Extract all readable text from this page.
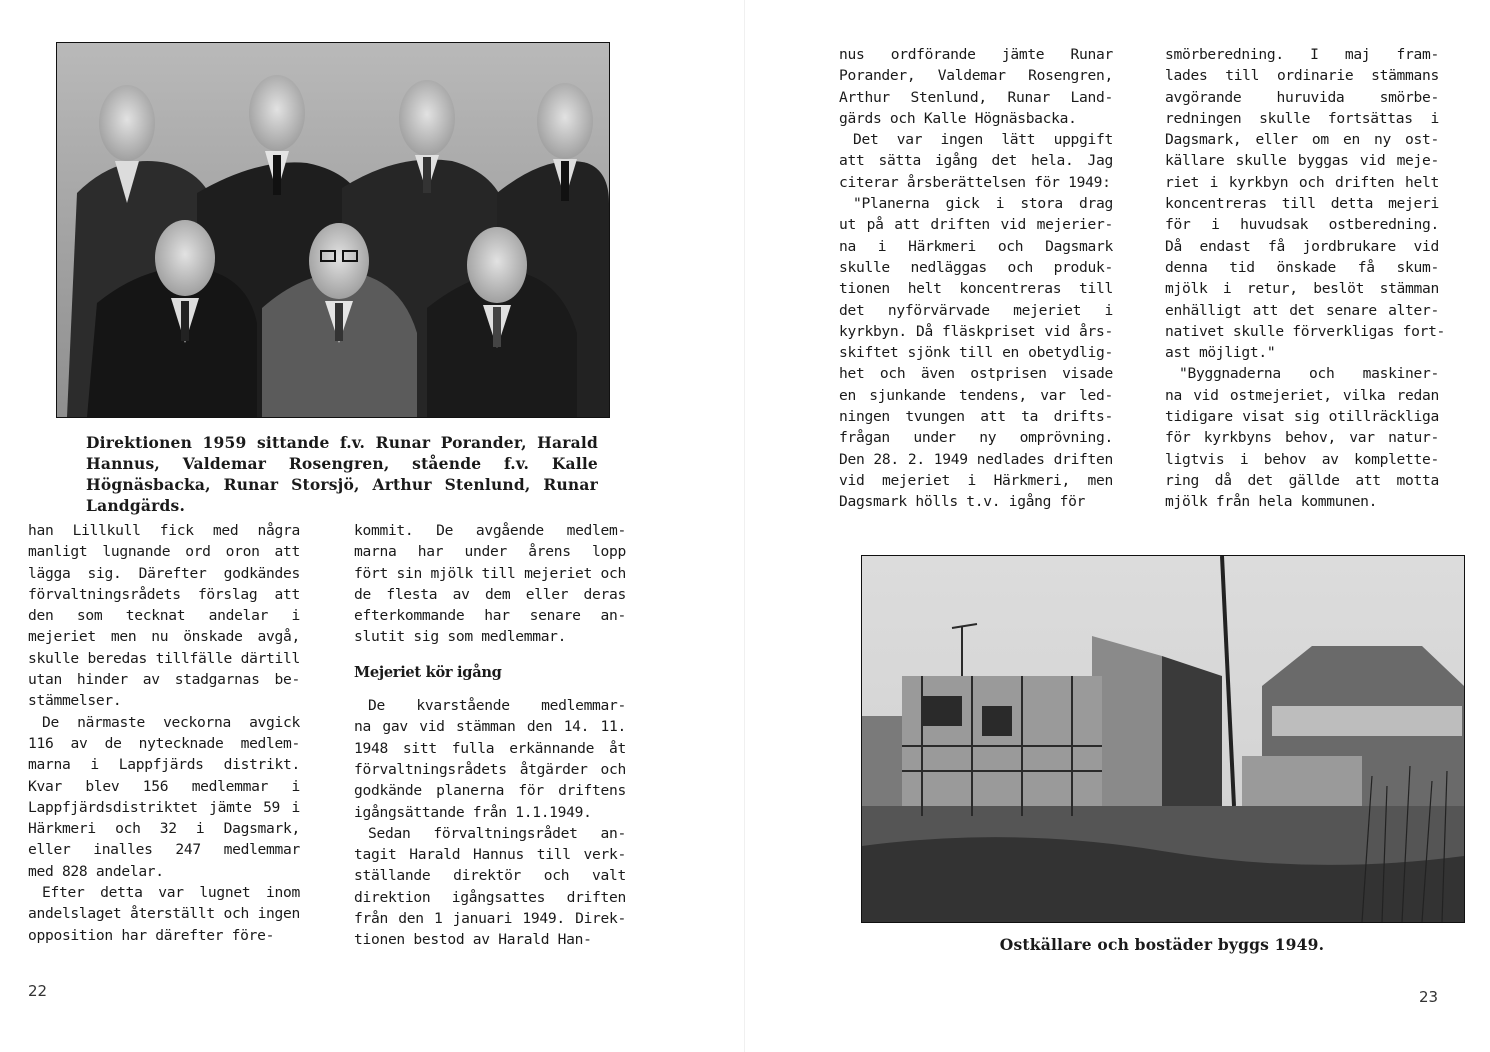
Direktionen 1959 sittande f.v. Runar Porander, Harald Hannus, Valdemar Rosengren, stående f.v. Kalle Högnäsbacka, Runar Storsjö, Arthur Stenlund, Runar Landgärds.

han Lillkull fick med några
manligt lugnande ord oron att
lägga sig. Därefter godkändes
förvaltningsrådets förslag att
den som tecknat andelar i
mejeriet men nu önskade avgå,
skulle beredas tillfälle därtill
utan hinder av stadgarnas be-
stämmelser.

De närmaste veckorna avgick
116 av de nytecknade medlem-
marna i Lappfjärds distrikt.
Kvar blev 156 medlemmar i
Lappfjärdsdistriktet jämte 59 i
Härkmeri och 32 i Dagsmark,
eller inalles 247 medlemmar
med 828 andelar.

Efter detta var lugnet inom
andelslaget återställt och ingen
opposition har därefter före-

kommit. De avgående medlem-
marna har under årens lopp
fört sin mjölk till mejeriet och
de flesta av dem eller deras
efterkommande har senare an-
slutit sig som medlemmar.

Mejeriet kör igång

De kvarstående medlemmar-
na gav vid stämman den 14. 11.
1948 sitt fulla erkännande åt
förvaltningsrådets åtgärder och
godkände planerna för driftens
igångsättande från 1.1.1949.

Sedan förvaltningsrådet an-
tagit Harald Hannus till verk-
ställande direktör och valt
direktion igångsattes driften
från den 1 januari 1949. Direk-
tionen bestod av Harald Han-

22

nus ordförande jämte Runar
Porander, Valdemar Rosengren,
Arthur Stenlund, Runar Land-
gärds och Kalle Högnäsbacka.

Det var ingen lätt uppgift
att sätta igång det hela. Jag
citerar årsberättelsen för 1949:

"Planerna gick i stora drag
ut på att driften vid mejerier-
na i Härkmeri och Dagsmark
skulle nedläggas och produk-
tionen helt koncentreras till
det nyförvärvade mejeriet i
kyrkbyn. Då fläskpriset vid års-
skiftet sjönk till en obetydlig-
het och även ostprisen visade
en sjunkande tendens, var led-
ningen tvungen att ta drifts-
frågan under ny omprövning.
Den 28. 2. 1949 nedlades driften
vid mejeriet i Härkmeri, men
Dagsmark hölls t.v. igång för

smörberedning. I maj fram-
lades till ordinarie stämmans
avgörande huruvida smörbe-
redningen skulle fortsättas i
Dagsmark, eller om en ny ost-
källare skulle byggas vid meje-
riet i kyrkbyn och driften helt
koncentreras till detta mejeri
för i huvudsak ostberedning.
Då endast få jordbrukare vid
denna tid önskade få skum-
mjölk i retur, beslöt stämman
enhälligt att det senare alter-
nativet skulle förverkligas fort-
ast möjligt."

"Byggnaderna och maskiner-
na vid ostmejeriet, vilka redan
tidigare visat sig otillräckliga
för kyrkbyns behov, var natur-
ligtvis i behov av komplette-
ring då det gällde att motta
mjölk från hela kommunen.

Ostkällare och bostäder byggs 1949.
23
